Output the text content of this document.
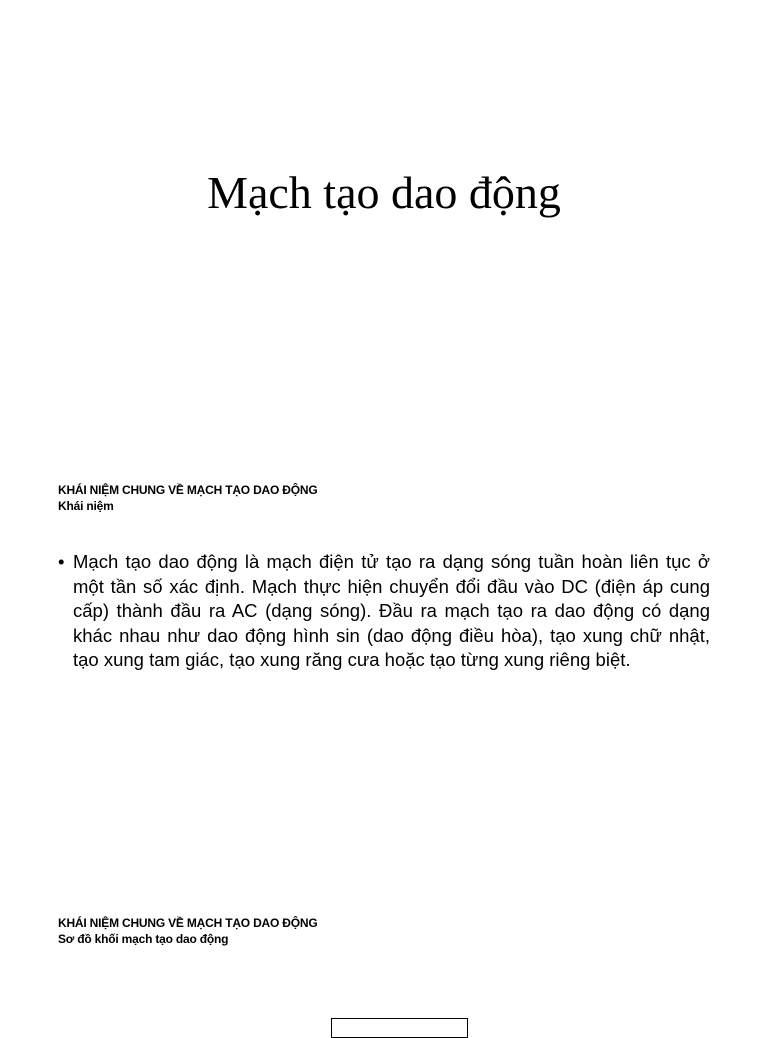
Mạch tạo dao động
KHÁI NIỆM CHUNG VỀ MẠCH TẠO DAO ĐỘNG
Khái niệm
• Mạch tạo dao động là mạch điện tử tạo ra dạng sóng tuần hoàn liên tục ở một tần số xác định. Mạch thực hiện chuyển đổi đầu vào DC (điện áp cung cấp) thành đầu ra AC (dạng sóng). Đầu ra mạch tạo ra dao động có dạng khác nhau như dao động hình sin (dao động điều hòa), tạo xung chữ nhật, tạo xung tam giác, tạo xung răng cưa hoặc tạo từng xung riêng biệt.
KHÁI NIỆM CHUNG VỀ MẠCH TẠO DAO ĐỘNG
Sơ đồ khối mạch tạo dao động
